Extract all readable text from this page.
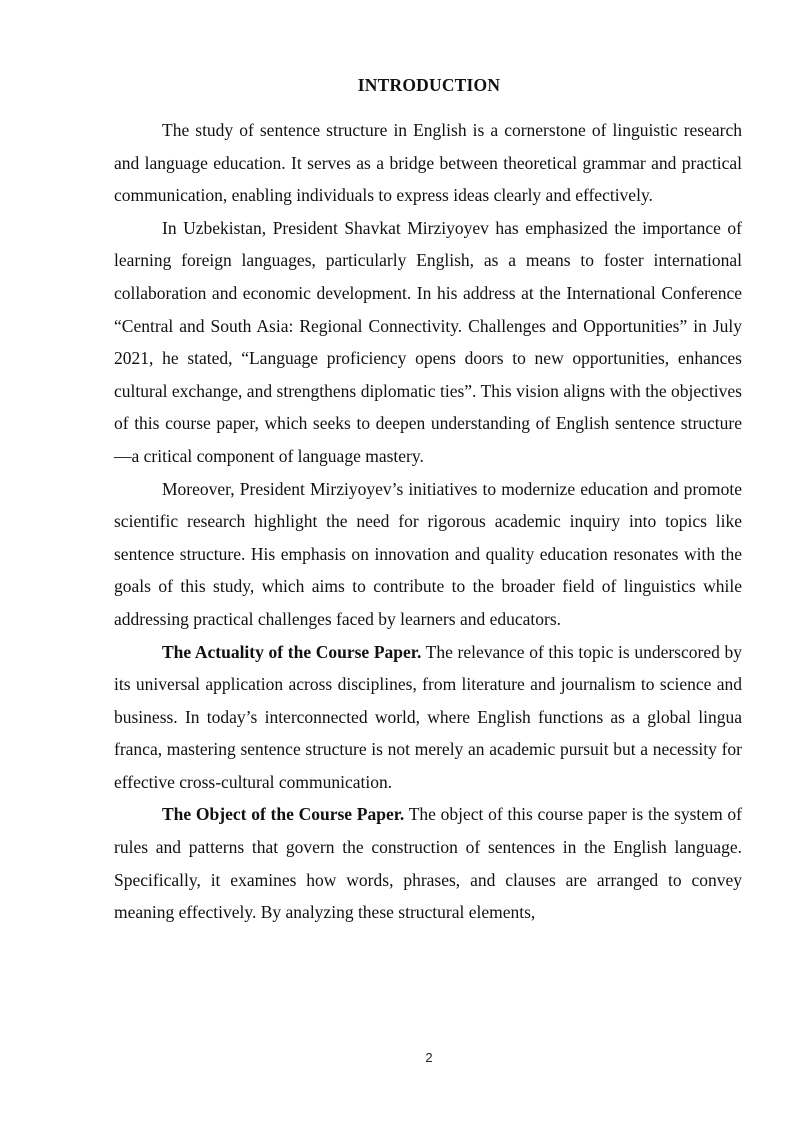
INTRODUCTION

The study of sentence structure in English is a cornerstone of linguistic research and language education. It serves as a bridge between theoretical grammar and practical communication, enabling individuals to express ideas clearly and effectively.

In Uzbekistan, President Shavkat Mirziyoyev has emphasized the importance of learning foreign languages, particularly English, as a means to foster international collaboration and economic development. In his address at the International Conference “Central and South Asia: Regional Connectivity. Challenges and Opportunities” in July 2021, he stated, “Language proficiency opens doors to new opportunities, enhances cultural exchange, and strengthens diplomatic ties”. This vision aligns with the objectives of this course paper, which seeks to deepen understanding of English sentence structure—a critical component of language mastery.

Moreover, President Mirziyoyev’s initiatives to modernize education and promote scientific research highlight the need for rigorous academic inquiry into topics like sentence structure. His emphasis on innovation and quality education resonates with the goals of this study, which aims to contribute to the broader field of linguistics while addressing practical challenges faced by learners and educators.

The Actuality of the Course Paper. The relevance of this topic is underscored by its universal application across disciplines, from literature and journalism to science and business. In today’s interconnected world, where English functions as a global lingua franca, mastering sentence structure is not merely an academic pursuit but a necessity for effective cross-cultural communication.

The Object of the Course Paper. The object of this course paper is the system of rules and patterns that govern the construction of sentences in the English language. Specifically, it examines how words, phrases, and clauses are arranged to convey meaning effectively. By analyzing these structural elements,

2
